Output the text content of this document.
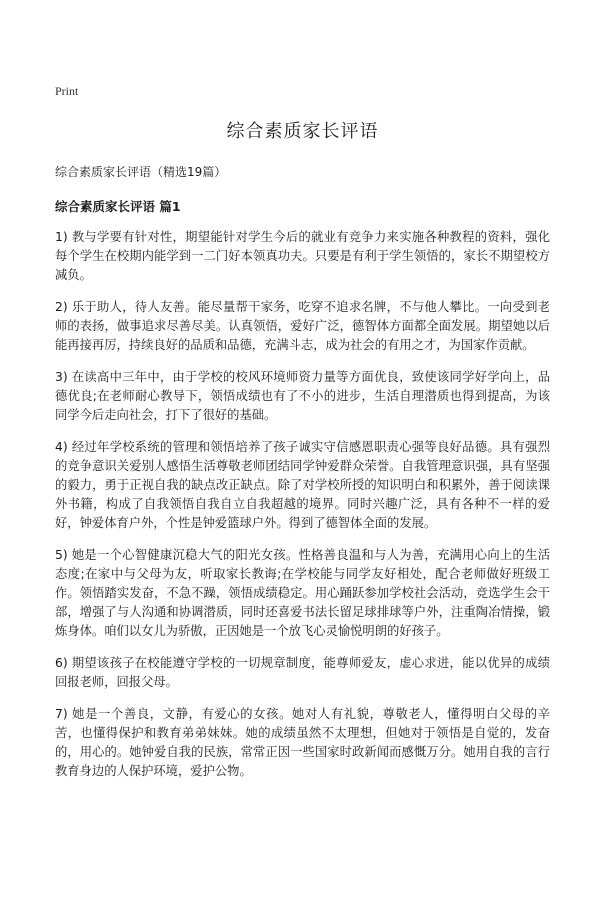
Print
综合素质家长评语
综合素质家长评语（精选19篇）
综合素质家长评语 篇1

1) 教与学要有针对性，期望能针对学生今后的就业有竞争力来实施各种教程的资料，强化每个学生在校期内能学到一二门好本领真功夫。只要是有利于学生领悟的，家长不期望校方减负。

2) 乐于助人，待人友善。能尽量帮干家务，吃穿不追求名牌，不与他人攀比。一向受到老师的表扬，做事追求尽善尽美。认真领悟，爱好广泛，德智体方面都全面发展。期望她以后能再接再厉，持续良好的品质和品德，充满斗志，成为社会的有用之才，为国家作贡献。

3) 在读高中三年中，由于学校的校风环境师资力量等方面优良，致使该同学好学向上，品德优良;在老师耐心教导下，领悟成绩也有了不小的进步，生活自理潜质也得到提高，为该同学今后走向社会，打下了很好的基础。

4) 经过年学校系统的管理和领悟培养了孩子诚实守信感恩职责心强等良好品德。具有强烈的竞争意识关爱别人感悟生活尊敬老师团结同学钟爱群众荣誉。自我管理意识强，具有坚强的毅力，勇于正视自我的缺点改正缺点。除了对学校所授的知识明白和积累外，善于阅读课外书籍，构成了自我领悟自我自立自我超越的境界。同时兴趣广泛，具有各种不一样的爱好，钟爱体育户外，个性是钟爱篮球户外。得到了德智体全面的发展。

5) 她是一个心智健康沉稳大气的阳光女孩。性格善良温和与人为善，充满用心向上的生活态度;在家中与父母为友，听取家长教诲;在学校能与同学友好相处，配合老师做好班级工作。领悟踏实发奋，不急不躁，领悟成绩稳定。用心踊跃参加学校社会活动，竞选学生会干部，增强了与人沟通和协调潜质，同时还喜爱书法长留足球排球等户外，注重陶冶情操，锻炼身体。咱们以女儿为骄傲，正因她是一个放飞心灵愉悦明朗的好孩子。

6) 期望该孩子在校能遵守学校的一切规章制度，能尊师爱友，虚心求进，能以优异的成绩回报老师，回报父母。

7) 她是一个善良，文静，有爱心的女孩。她对人有礼貌，尊敬老人，懂得明白父母的辛苦，也懂得保护和教育弟弟妹妹。她的成绩虽然不太理想，但她对于领悟是自觉的，发奋的，用心的。她钟爱自我的民族，常常正因一些国家时政新闻而感慨万分。她用自我的言行教育身边的人保护环境，爱护公物。
